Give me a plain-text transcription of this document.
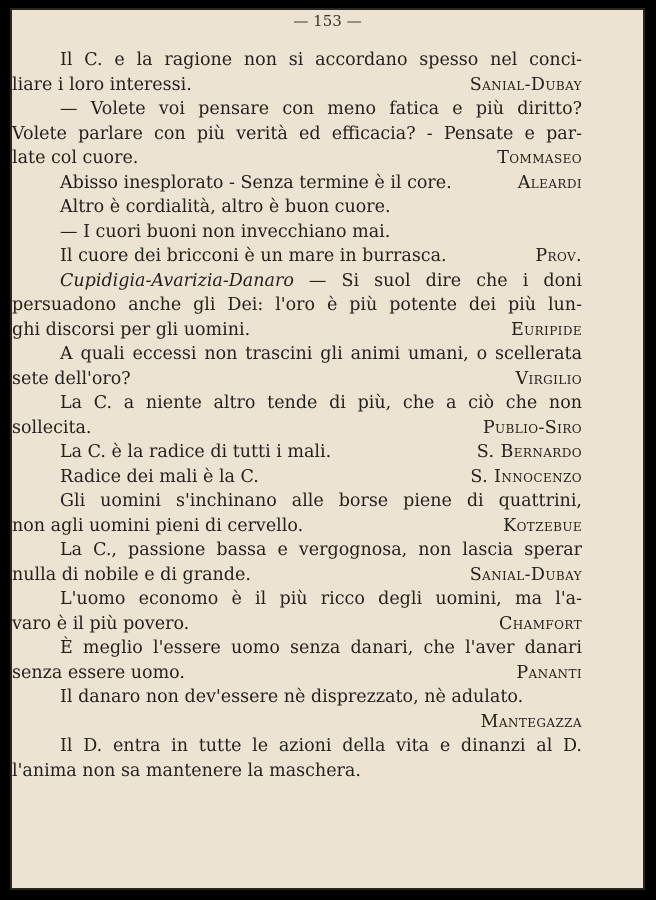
— 153 —
Il C. e la ragione non si accordano spesso nel conci-
liare i loro interessi.	Sanial-Dubay
— Volete voi pensare con meno fatica e più diritto?
Volete parlare con più verità ed efficacia? - Pensate e par-
late col cuore.	Tommaseo
Abisso inesplorato - Senza termine è il core.	Aleardi
Altro è cordialità, altro è buon cuore.
— I cuori buoni non invecchiano mai.
Il cuore dei bricconi è un mare in burrasca.	Prov.
Cupidigia-Avarizia-Danaro — Si suol dire che i doni
persuadono anche gli Dei: l'oro è più potente dei più lun-
ghi discorsi per gli uomini.	Euripide
A quali eccessi non trascini gli animi umani, o scellerata
sete dell'oro?	Virgilio
La C. a niente altro tende di più, che a ciò che non
sollecita.	Publio-Siro
La C. è la radice di tutti i mali.	S. Bernardo
Radice dei mali è la C.	S. Innocenzo
Gli uomini s'inchinano alle borse piene di quattrini,
non agli uomini pieni di cervello.	Kotzebue
La C., passione bassa e vergognosa, non lascia sperar
nulla di nobile e di grande.	Sanial-Dubay
L'uomo economo è il più ricco degli uomini, ma l'a-
varo è il più povero.	Chamfort
È meglio l'essere uomo senza danari, che l'aver danari
senza essere uomo.	Pananti
Il danaro non dev'essere nè disprezzato, nè adulato.
Mantegazza
Il D. entra in tutte le azioni della vita e dinanzi al D.
l'anima non sa mantenere la maschera.
